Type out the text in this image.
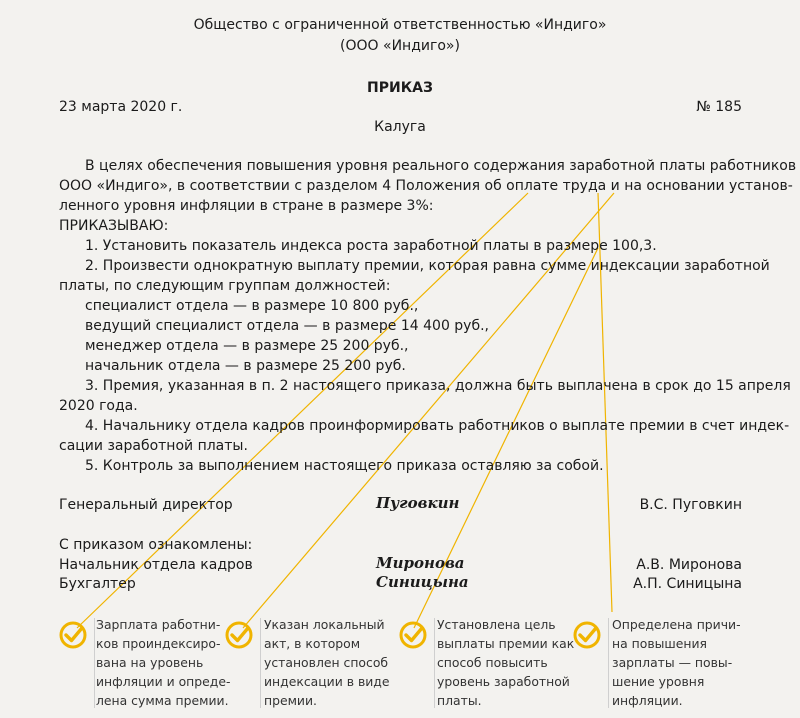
Общество с ограниченной ответственностью «Индиго»
(ООО «Индиго»)
ПРИКАЗ
23 марта 2020 г.	№ 185
Калуга
В целях обеспечения повышения уровня реального содержания заработной платы работников
ООО «Индиго», в соответствии с разделом 4 Положения об оплате труда и на основании установ-
ленного уровня инфляции в стране в размере 3%:
ПРИКАЗЫВАЮ:
1. Установить показатель индекса роста заработной платы в размере 100,3.
2. Произвести однократную выплату премии, которая равна сумме индексации заработной
платы, по следующим группам должностей:
специалист отдела — в размере 10 800 руб.,
ведущий специалист отдела — в размере 14 400 руб.,
менеджер отдела — в размере 25 200 руб.,
начальник отдела — в размере 25 200 руб.
3. Премия, указанная в п. 2 настоящего приказа, должна быть выплачена в срок до 15 апреля
2020 года.
4. Начальнику отдела кадров проинформировать работников о выплате премии в счет индек-
сации заработной платы.
5. Контроль за выполнением настоящего приказа оставляю за собой.
Генеральный директор	Пуговкин	В.С. Пуговкин
С приказом ознакомлены:
Начальник отдела кадров	Миронова	А.В. Миронова
Бухгалтер	Синицына	А.П. Синицына
Зарплата работни-
ков проиндексиро-
вана на уровень
инфляции и опреде-
лена сумма премии.
Указан локальный
акт, в котором
установлен способ
индексации в виде
премии.
Установлена цель
выплаты премии как
способ повысить
уровень заработной
платы.
Определена причи-
на повышения
зарплаты — повы-
шение уровня
инфляции.
